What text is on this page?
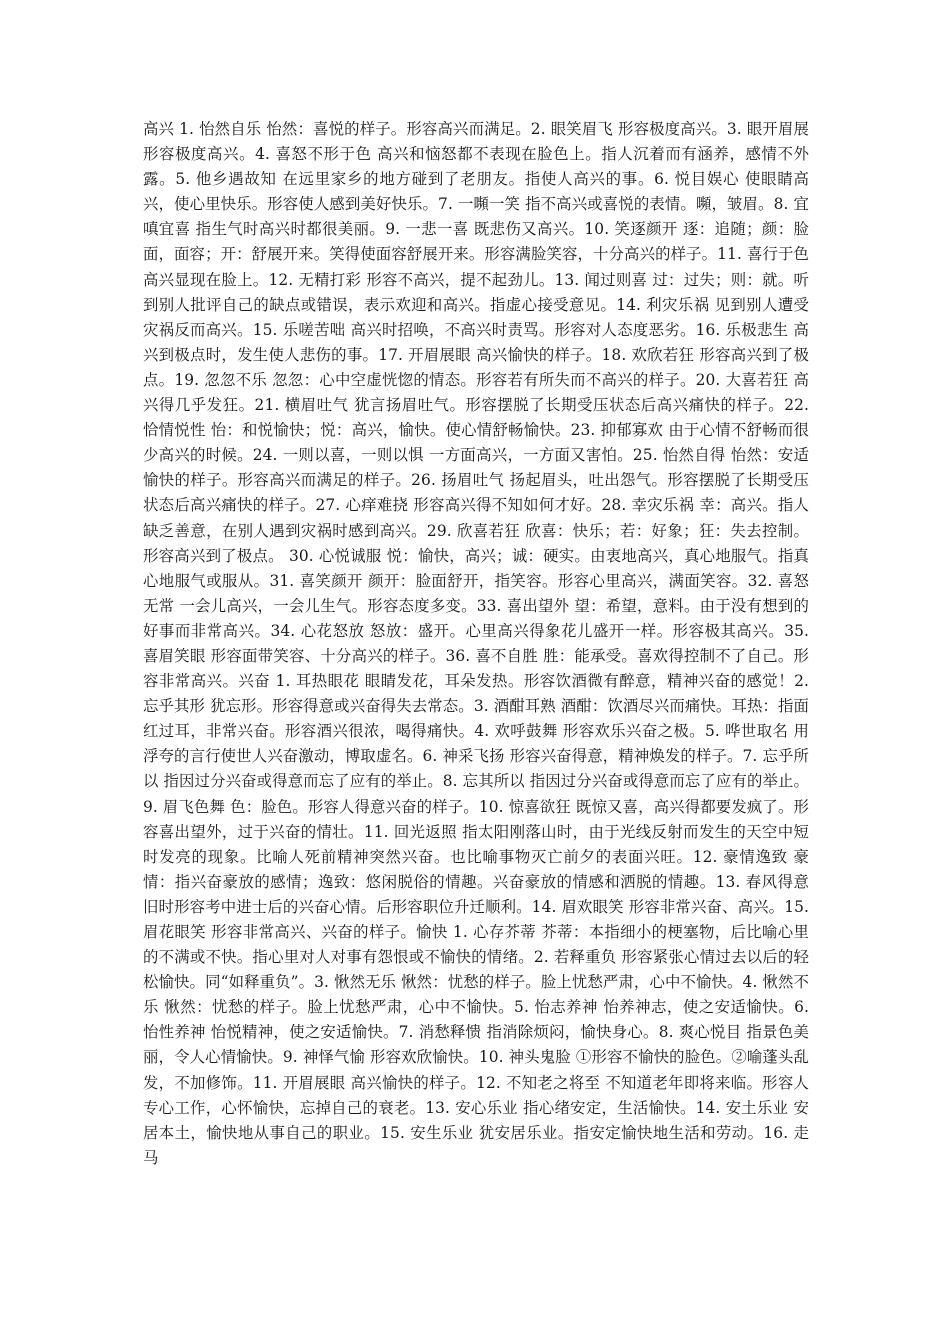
高兴 1. 怡然自乐 怡然：喜悦的样子。形容高兴而满足。2. 眼笑眉飞 形容极度高兴。3. 眼开眉展 形容极度高兴。4. 喜怒不形于色 高兴和恼怒都不表现在脸色上。指人沉着而有涵养，感情不外露。5. 他乡遇故知 在远里家乡的地方碰到了老朋友。指使人高兴的事。6. 悦目娱心 使眼睛高兴，使心里快乐。形容使人感到美好快乐。7. 一嚬一笑 指不高兴或喜悦的表情。嚬，皱眉。8. 宜嗔宜喜 指生气时高兴时都很美丽。9. 一悲一喜 既悲伤又高兴。10. 笑逐颜开 逐：追随；颜：脸面，面容；开：舒展开来。笑得使面容舒展开来。形容满脸笑容，十分高兴的样子。11. 喜行于色 高兴显现在脸上。12. 无精打彩 形容不高兴，提不起劲儿。13. 闻过则喜 过：过失；则：就。听到别人批评自己的缺点或错误，表示欢迎和高兴。指虚心接受意见。14. 利灾乐祸 见到别人遭受灾祸反而高兴。15. 乐嗟苦咄 高兴时招唤，不高兴时责骂。形容对人态度恶劣。16. 乐极悲生 高兴到极点时，发生使人悲伤的事。17. 开眉展眼 高兴愉快的样子。18. 欢欣若狂 形容高兴到了极点。19. 忽忽不乐 忽忽：心中空虚恍惚的情态。形容若有所失而不高兴的样子。20. 大喜若狂 高兴得几乎发狂。21. 横眉吐气 犹言扬眉吐气。形容摆脱了长期受压状态后高兴痛快的样子。22. 恰情悦性 怡：和悦愉快；悦：高兴，愉快。使心情舒畅愉快。23. 抑郁寡欢 由于心情不舒畅而很少高兴的时候。24. 一则以喜，一则以惧 一方面高兴，一方面又害怕。25. 怡然自得 怡然：安适愉快的样子。形容高兴而满足的样子。26. 扬眉吐气 扬起眉头，吐出怨气。形容摆脱了长期受压状态后高兴痛快的样子。27. 心痒难挠 形容高兴得不知如何才好。28. 幸灾乐祸 幸：高兴。指人缺乏善意，在别人遇到灾祸时感到高兴。29. 欣喜若狂 欣喜：快乐；若：好象；狂：失去控制。形容高兴到了极点。 30. 心悦诚服 悦：愉快，高兴；诚：硬实。由衷地高兴，真心地服气。指真心地服气或服从。31. 喜笑颜开 颜开：脸面舒开，指笑容。形容心里高兴，满面笑容。32. 喜怒无常 一会儿高兴，一会儿生气。形容态度多变。33. 喜出望外 望：希望，意料。由于没有想到的好事而非常高兴。34. 心花怒放 怒放：盛开。心里高兴得象花儿盛开一样。形容极其高兴。35. 喜眉笑眼 形容面带笑容、十分高兴的样子。36. 喜不自胜 胜：能承受。喜欢得控制不了自己。形容非常高兴。兴奋 1. 耳热眼花 眼睛发花，耳朵发热。形容饮酒微有醉意，精神兴奋的感觉！2. 忘乎其形 犹忘形。形容得意或兴奋得失去常态。3. 酒酣耳熟 酒酣：饮酒尽兴而痛快。耳热：指面红过耳，非常兴奋。形容酒兴很浓，喝得痛快。4. 欢呼鼓舞 形容欢乐兴奋之极。5. 哗世取名 用浮夸的言行使世人兴奋激动，博取虚名。6. 神采飞扬 形容兴奋得意，精神焕发的样子。7. 忘乎所以 指因过分兴奋或得意而忘了应有的举止。8. 忘其所以 指因过分兴奋或得意而忘了应有的举止。9. 眉飞色舞 色：脸色。形容人得意兴奋的样子。10. 惊喜欲狂 既惊又喜，高兴得都要发疯了。形容喜出望外，过于兴奋的情壮。11. 回光返照 指太阳刚落山时，由于光线反射而发生的天空中短时发亮的现象。比喻人死前精神突然兴奋。也比喻事物灭亡前夕的表面兴旺。12. 豪情逸致 豪情：指兴奋豪放的感情；逸致：悠闲脱俗的情趣。兴奋豪放的情感和洒脱的情趣。13. 春风得意 旧时形容考中进士后的兴奋心情。后形容职位升迁顺利。14. 眉欢眼笑 形容非常兴奋、高兴。15. 眉花眼笑 形容非常高兴、兴奋的样子。愉快 1. 心存芥蒂 芥蒂：本指细小的梗塞物，后比喻心里的不满或不快。指心里对人对事有怨恨或不愉快的情绪。2. 若释重负 形容紧张心情过去以后的轻松愉快。同“如释重负”。3. 愀然无乐 愀然：忧愁的样子。脸上忧愁严肃，心中不愉快。4. 愀然不乐 愀然：忧愁的样子。脸上忧愁严肃，心中不愉快。5. 怡志养神 怡养神志，使之安适愉快。6. 怡性养神 怡悦精神，使之安适愉快。7. 消愁释愦 指消除烦闷，愉快身心。8. 爽心悦目 指景色美丽，令人心情愉快。9. 神怿气愉 形容欢欣愉快。10. 神头鬼脸 ①形容不愉快的脸色。②喻蓬头乱发，不加修饰。11. 开眉展眼 高兴愉快的样子。12. 不知老之将至 不知道老年即将来临。形容人专心工作，心怀愉快，忘掉自己的衰老。13. 安心乐业 指心绪安定，生活愉快。14. 安土乐业 安居本土，愉快地从事自己的职业。15. 安生乐业 犹安居乐业。指安定愉快地生活和劳动。16. 走马
